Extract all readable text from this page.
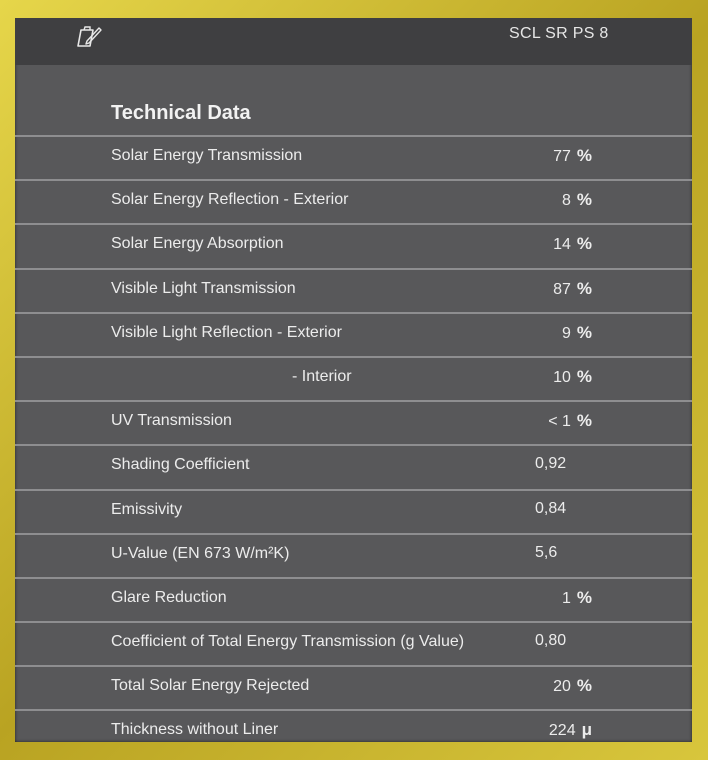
SCL SR PS 8
Technical Data
Solar Energy Transmission	77 %
Solar Energy Reflection - Exterior	8 %
Solar Energy Absorption	14 %
Visible Light Transmission	87 %
Visible Light Reflection - Exterior	9 %
- Interior	10 %
UV Transmission	< 1 %
Shading Coefficient	0,92
Emissivity	0,84
U-Value (EN 673 W/m²K)	5,6
Glare Reduction	1 %
Coefficient of Total Energy Transmission (g Value)	0,80
Total Solar Energy Rejected	20 %
Thickness without Liner	224 μ
